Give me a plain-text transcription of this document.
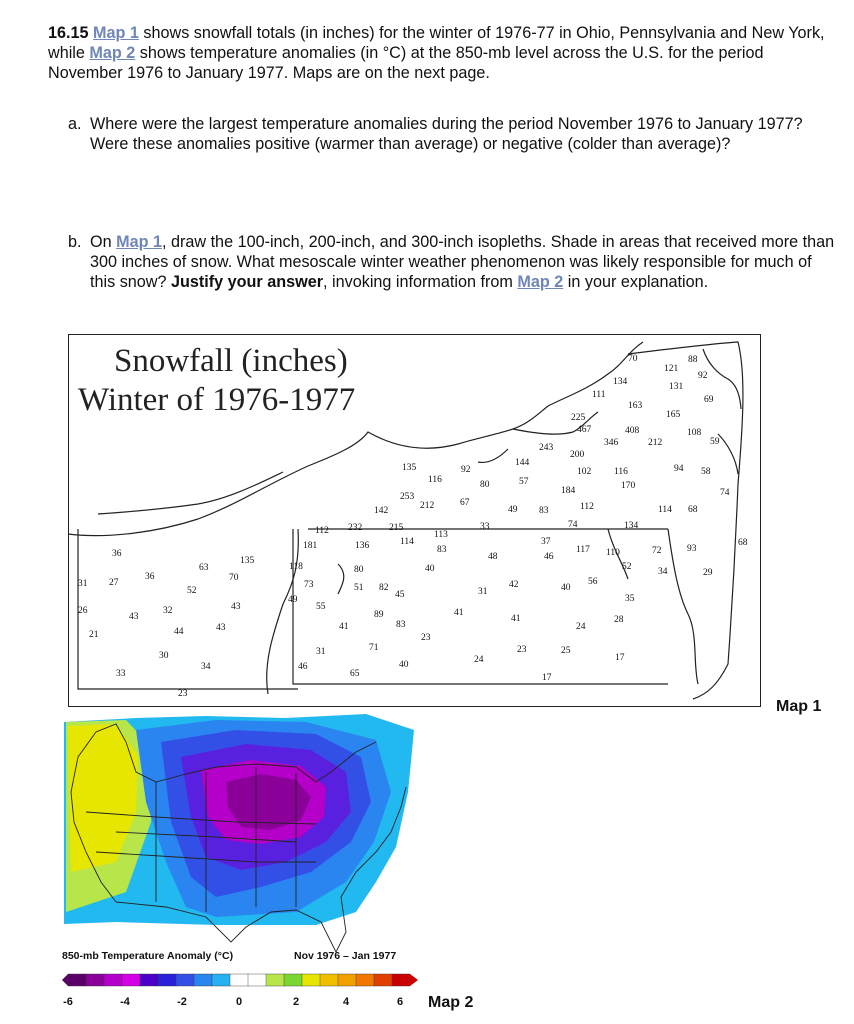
16.15 Map 1 shows snowfall totals (in inches) for the winter of 1976-77 in Ohio, Pennsylvania and New York, while Map 2 shows temperature anomalies (in °C) at the 850-mb level across the U.S. for the period November 1976 to January 1977. Maps are on the next page.

a. Where were the largest temperature anomalies during the period November 1976 to January 1977? Were these anomalies positive (warmer than average) or negative (colder than average)?
b. On Map 1, draw the 100-inch, 200-inch, and 300-inch isopleths. Shade in areas that received more than 300 inches of snow. What mesoscale winter weather phenomenon was likely responsible for much of this snow? Justify your answer, invoking information from Map 2 in your explanation.
Snowfall (inches)
Winter of 1976-1977
70	88
121
92
134	131
111	69
163
165
225
467	408	108
346	212	59
243
200
144
135	92	102 116	94 58
116	80	57	170
184	74
253
142	212	67
49 83	112	114 68
232	215	74	134
112	113
33
68
181	136	114
83
37
117 110	72	93
36
63
135
118	80	40
48	46
52	34	29
31 27
36	70
73	82	42	56
52	51	31	40
49	45	35
26
43
32	43	55
89	41
41	28
21	44	43	83	24
41
23
23
30
71
31	25
17
34	46	40	24
33	65	17
23
Map 1
850-mb Temperature Anomaly (°C)	Nov 1976 – Jan 1977
-6	-4	-2	0	2	4	6 Map 2
